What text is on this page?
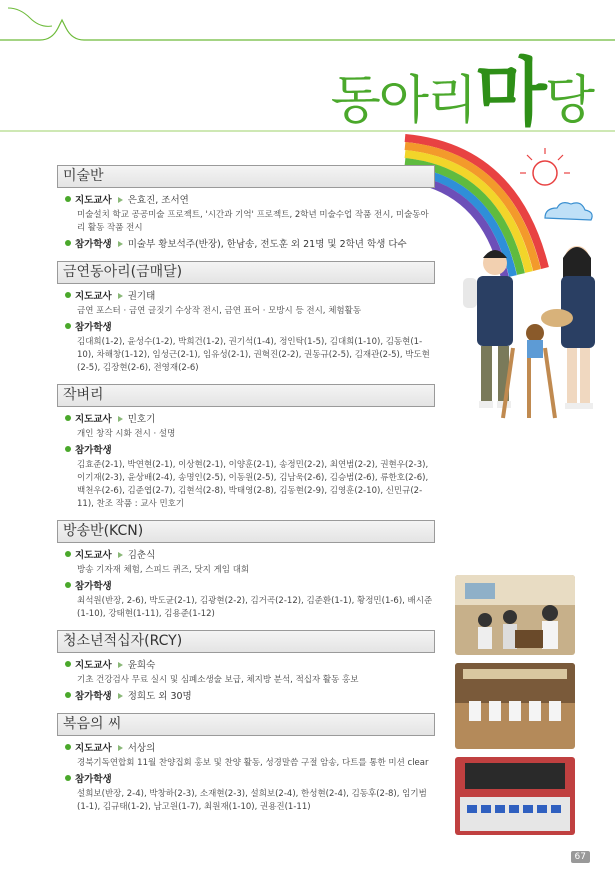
동아리마당
미술반
지도교사 은효진, 조서연
미술설치 학교 공공미술 프로젝트, '시간과 기억' 프로젝트, 2학년 미술수업 작품 전시, 미술동아리 활동 작품 전시
참가학생 미술부 황보석주(반장), 한남송, 전도훈 외 21명 및 2학년 학생 다수
금연동아리(금매달)
지도교사 권기태
금연 포스터 · 금연 글짓기 수상작 전시, 금연 표어 · 모방시 등 전시, 체험활동
참가학생
김대희(1-2), 윤성수(1-2), 박희건(1-2), 권기석(1-4), 정인탁(1-5), 김대희(1-10), 김동현(1-10), 차해창(1-12), 임성근(2-1), 임유성(2-1), 권혁진(2-2), 권동규(2-5), 김재관(2-5), 박도현(2-5), 김장현(2-6), 전영재(2-6)
작벼리
지도교사 민호기
개인 창작 시화 전시 · 설명
참가학생
김효준(2-1), 박연현(2-1), 이상현(2-1), 이양훈(2-1), 송정민(2-2), 최연범(2-2), 권현우(2-3), 이기재(2-3), 윤상배(2-4), 송명인(2-5), 이동원(2-5), 김남욱(2-6), 김승범(2-6), 류한호(2-6), 백천우(2-6), 김준엽(2-7), 김현석(2-8), 박태영(2-8), 김동현(2-9), 김영훈(2-10), 신민규(2-11), 찬조 작품 : 교사 민호기
방송반(KCN)
지도교사 김춘식
방송 기자재 체험, 스피드 퀴즈, 닷지 게임 대회
참가학생
최석원(반장, 2-6), 박도균(2-1), 김광현(2-2), 김거곡(2-12), 김준환(1-1), 황정민(1-6), 배시준(1-10), 강태현(1-11), 김용준(1-12)
청소년적십자(RCY)
지도교사 윤희숙
기초 건강검사 무료 실시 및 심폐소생술 보급, 체지방 분석, 적십자 활동 홍보
참가학생 정희도 외 30명
복음의 씨
지도교사 서상의
경북기독연합회 11월 찬양집회 홍보 및 찬양 활동, 성경말씀 구절 암송, 다트를 통한 미션 clear
참가학생
설희보(반장, 2-4), 박창하(2-3), 소재현(2-3), 설희보(2-4), 한성현(2-4), 김동후(2-8), 임기범(1-1), 김규태(1-2), 남고원(1-7), 최원재(1-10), 권용진(1-11)
67
